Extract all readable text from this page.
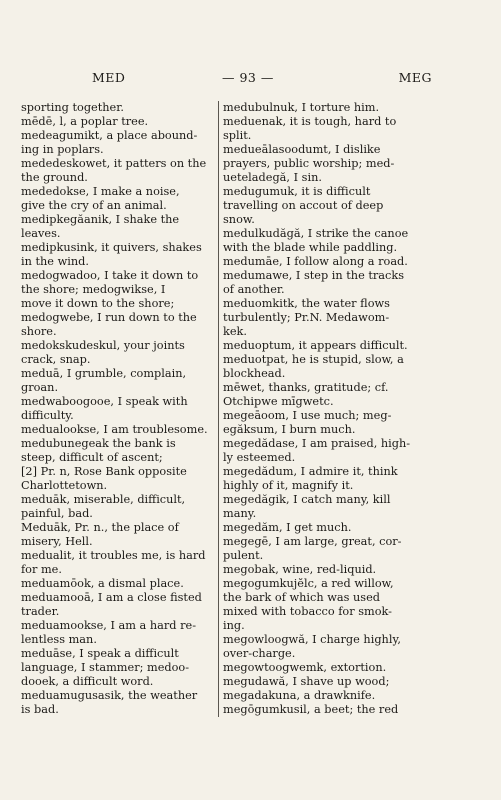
MED	— 93 —	MEG
sporting together.
mēdē, l, a poplar tree.
medeagumikt, a place abound-
ing in poplars.
mededeskowet, it patters on the
the ground.
mededokse, I make a noise,
give the cry of an animal.
medipkegăanik, I shake the
leaves.
medipkusink, it quivers, shakes
in the wind.
medogwadoo, I take it down to
the shore; medogwikse, I
move it down to the shore;
medogwebe, I run down to the
shore.
medokskudeskul, your joints
crack, snap.
meduā, I grumble, complain,
groan.
medwaboogooe, I speak with
difficulty.
medualookse, I am troublesome.
medubunegeak the bank is
steep, difficult of ascent;
[2] Pr. n, Rose Bank opposite
Charlottetown.
meduāk, miserable, difficult,
painful, bad.
Meduāk, Pr. n., the place of
misery, Hell.
medualit, it troubles me, is hard
for me.
meduamōok, a dismal place.
meduamooā, I am a close fisted
trader.
meduamookse, I am a hard re-
lentless man.
meduāse, I speak a difficult
language, I stammer; medoo-
dooek, a difficult word.
meduamugusasik, the weather
is bad.
medubulnuk, I torture him.
meduenak, it is tough, hard to
split.
medueālasoodumt, I dislike
prayers, public worship; med-
ueteladegă, I sin.
medugumuk, it is difficult
travelling on accout of deep
snow.
medulkudăgă, I strike the canoe
with the blade while paddling.
medumāe, I follow along a road.
medumawe, I step in the tracks
of another.
meduomkitk, the water flows
turbulently; Pr.N. Medawom-
kek.
meduoptum, it appears difficult.
meduotpat, he is stupid, slow, a
blockhead.
mēwet, thanks, gratitude; cf.
Otchipwe mīgwetc.
megeāoom, I use much; meg-
egăksum, I burn much.
megedădase, I am praised, high-
ly esteemed.
megedădum, I admire it, think
highly of it, magnify it.
megedăgik, I catch many, kill
many.
megedăm, I get much.
megegē, I am large, great, cor-
pulent.
megobak, wine, red-liquid.
megogumkujĕlc, a red willow,
the bark of which was used
mixed with tobacco for smok-
ing.
megowloogwă, I charge highly,
over-charge.
megowtoogwemk, extortion.
megudawă, I shave up wood;
megadakuna, a drawknife.
megōgumkusil, a beet; the red
